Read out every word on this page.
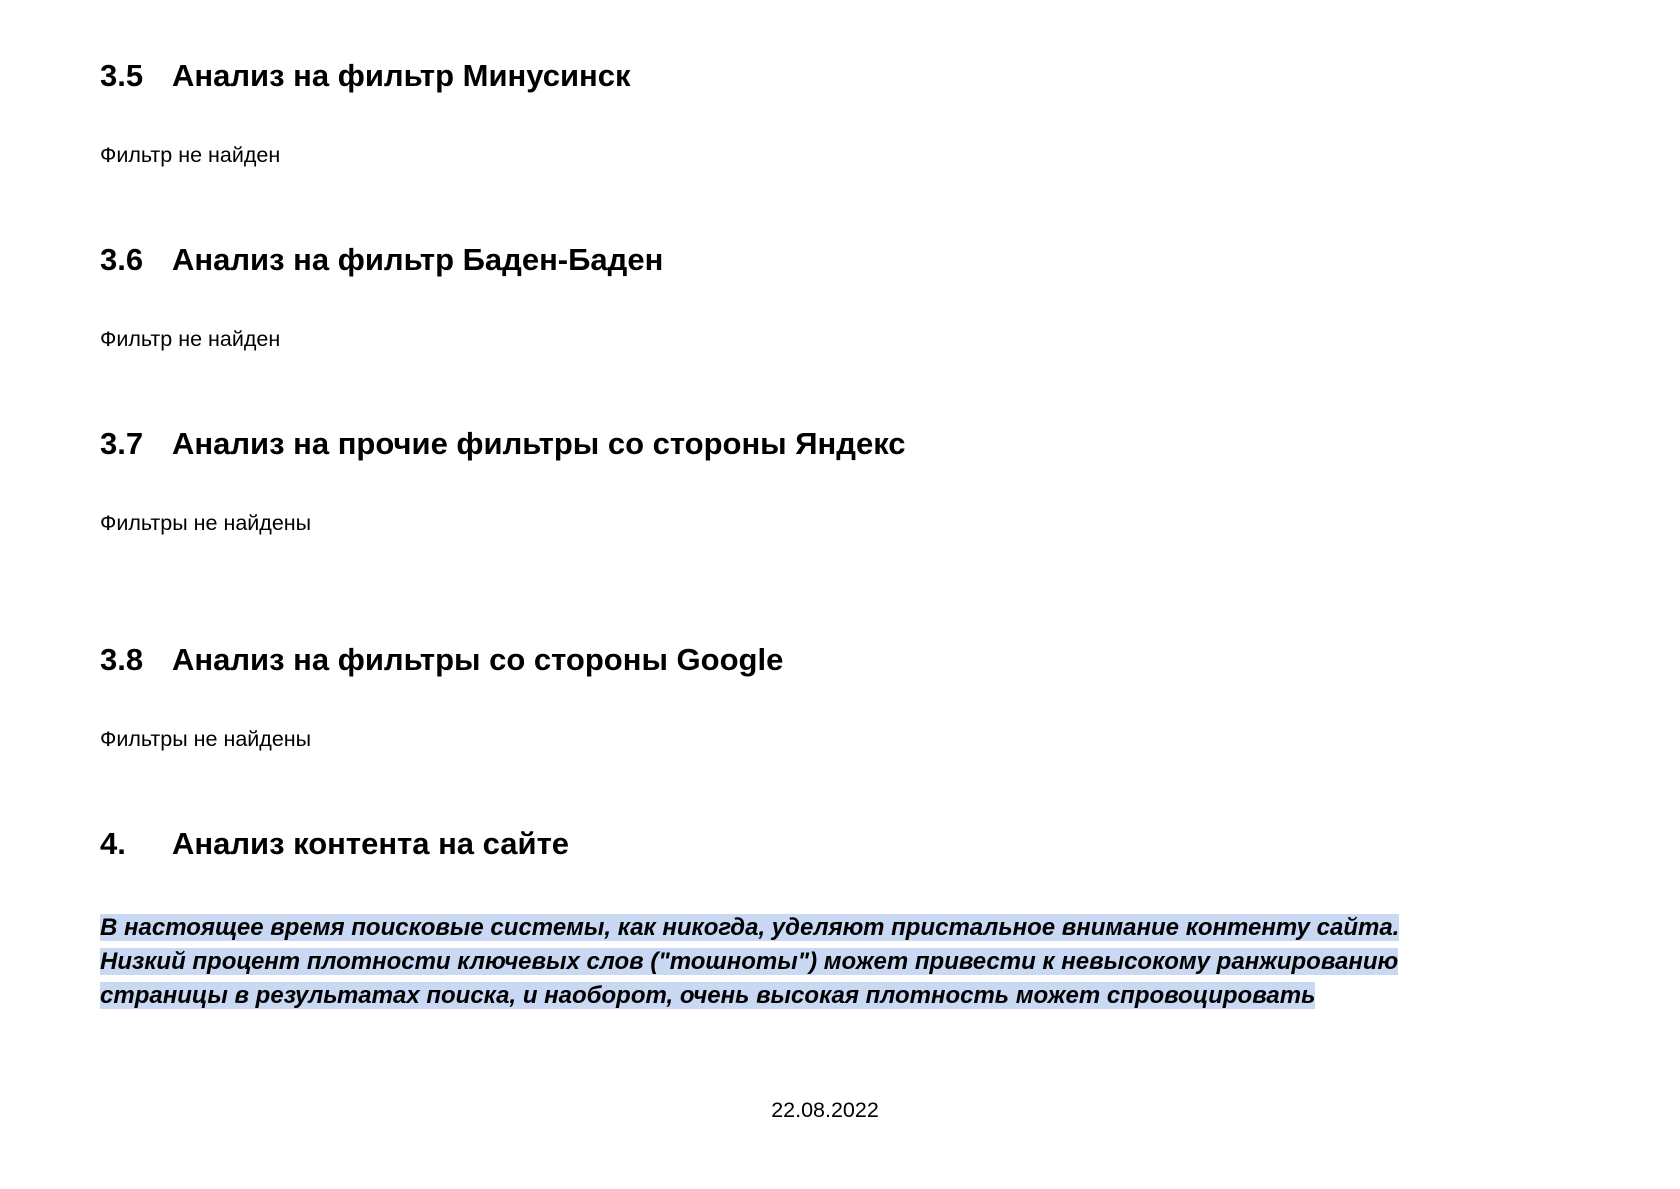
3.5 Анализ на фильтр Минусинск
Фильтр не найден
3.6 Анализ на фильтр Баден-Баден
Фильтр не найден
3.7 Анализ на прочие фильтры со стороны Яндекс
Фильтры не найдены
3.8 Анализ на фильтры со стороны Google
Фильтры не найдены
4. Анализ контента на сайте
В настоящее время поисковые системы, как никогда, уделяют пристальное внимание контенту сайта.
Низкий процент плотности ключевых слов ("тошноты") может привести к невысокому ранжированию
страницы в результатах поиска, и наоборот, очень высокая плотность может спровоцировать
22.08.2022
